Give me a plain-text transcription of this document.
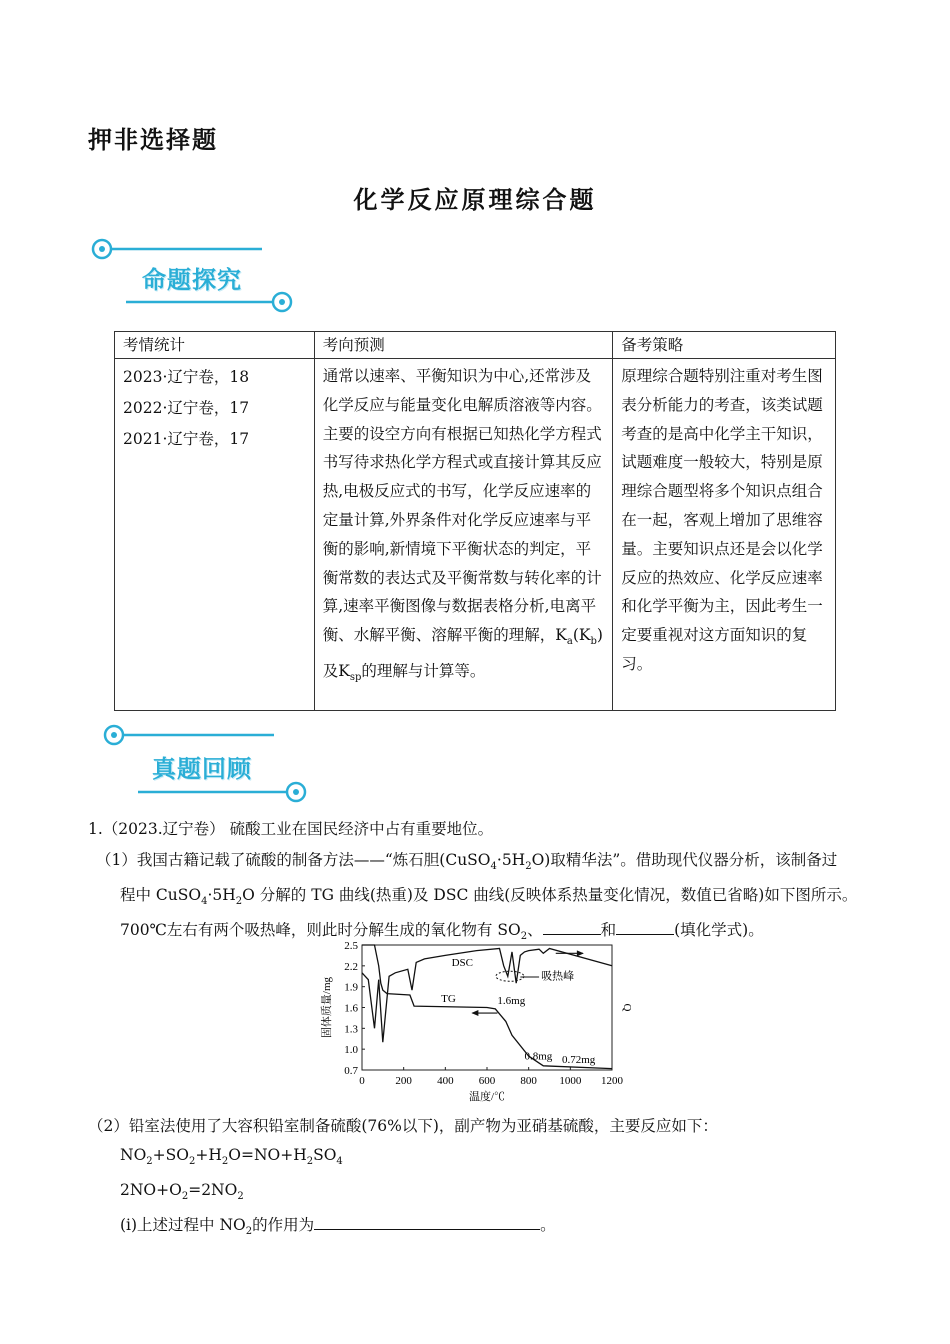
押非选择题
化学反应原理综合题
命题探究
考情统计	考向预测	备考策略

2023·辽宁卷，18
2022·辽宁卷，17
2021·辽宁卷，17	通常以速率、平衡知识为中心,还常涉及化学反应与能量变化电解质溶液等内容。主要的设空方向有根据已知热化学方程式书写待求热化学方程式或直接计算其反应热,电极反应式的书写，化学反应速率的定量计算,外界条件对化学反应速率与平衡的影响,新情境下平衡状态的判定，平衡常数的表达式及平衡常数与转化率的计算,速率平衡图像与数据表格分析,电离平衡、水解平衡、溶解平衡的理解，$K_a(K_b)$及$K_{sp}$的理解与计算等。	原理综合题特别注重对考生图表分析能力的考查，该类试题考查的是高中化学主干知识，试题难度一般较大，特别是原理综合题型将多个知识点组合在一起，客观上增加了思维容量。主要知识点还是会以化学反应的热效应、化学反应速率和化学平衡为主，因此考生一定要重视对这方面知识的复习。
真题回顾
1.（2023.辽宁卷） 硫酸工业在国民经济中占有重要地位。
（1）我国古籍记载了硫酸的制备方法——“炼石胆$(CuSO_4\cdot 5H_2O)$取精华法”。借助现代仪器分析，该制备过
程中 $CuSO_4\cdot 5H_2O$ 分解的 TG 曲线(热重)及 DSC 曲线(反映体系热量变化情况，数值已省略)如下图所示。
700℃左右有两个吸热峰，则此时分解生成的氧化物有 $SO_2$、	和	(填化学式)。
0	200 400 600 800 1000 1200
0.7
1.0
1.3
1.6
1.9
2.2
2.5
温度/℃
固体质量/mg	Q
DSC
TG
吸热峰
1.6mg
0.8mg 0.72mg
（2）铅室法使用了大容积铅室制备硫酸(76%以下)，副产物为亚硝基硫酸，主要反应如下：
$NO_2+SO_2+H_2O=NO+H_2SO_4$
$2NO+O_2=2NO_2$
(i)上述过程中 $NO_2$的作用为	。
